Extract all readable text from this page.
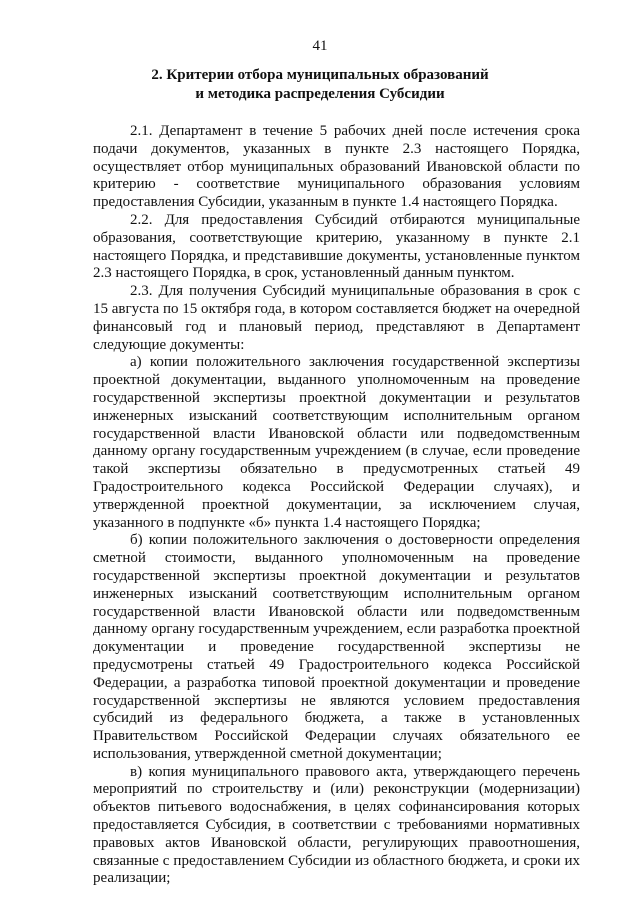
41
2. Критерии отбора муниципальных образований
и методика распределения Субсидии

2.1. Департамент в течение 5 рабочих дней после истечения срока подачи документов, указанных в пункте 2.3 настоящего Порядка, осуществляет отбор муниципальных образований Ивановской области по критерию - соответствие муниципального образования условиям предоставления Субсидии, указанным в пункте 1.4 настоящего Порядка.

2.2. Для предоставления Субсидий отбираются муниципальные образования, соответствующие критерию, указанному в пункте 2.1 настоящего Порядка, и представившие документы, установленные пунктом 2.3 настоящего Порядка, в срок, установленный данным пунктом.

2.3. Для получения Субсидий муниципальные образования в срок с 15 августа по 15 октября года, в котором составляется бюджет на очередной финансовый год и плановый период, представляют в Департамент следующие документы:

а) копии положительного заключения государственной экспертизы проектной документации, выданного уполномоченным на проведение государственной экспертизы проектной документации и результатов инженерных изысканий соответствующим исполнительным органом государственной власти Ивановской области или подведомственным данному органу государственным учреждением (в случае, если проведение такой экспертизы обязательно в предусмотренных статьей 49 Градостроительного кодекса Российской Федерации случаях), и утвержденной проектной документации, за исключением случая, указанного в подпункте «б» пункта 1.4 настоящего Порядка;

б) копии положительного заключения о достоверности определения сметной стоимости, выданного уполномоченным на проведение государственной экспертизы проектной документации и результатов инженерных изысканий соответствующим исполнительным органом государственной власти Ивановской области или подведомственным данному органу государственным учреждением, если разработка проектной документации и проведение государственной экспертизы не предусмотрены статьей 49 Градостроительного кодекса Российской Федерации, а разработка типовой проектной документации и проведение государственной экспертизы не являются условием предоставления субсидий из федерального бюджета, а также в установленных Правительством Российской Федерации случаях обязательного ее использования, утвержденной сметной документации;

в) копия муниципального правового акта, утверждающего перечень мероприятий по строительству и (или) реконструкции (модернизации) объектов питьевого водоснабжения, в целях софинансирования которых предоставляется Субсидия, в соответствии с требованиями нормативных правовых актов Ивановской области, регулирующих правоотношения, связанные с предоставлением Субсидии из областного бюджета, и сроки их реализации;
